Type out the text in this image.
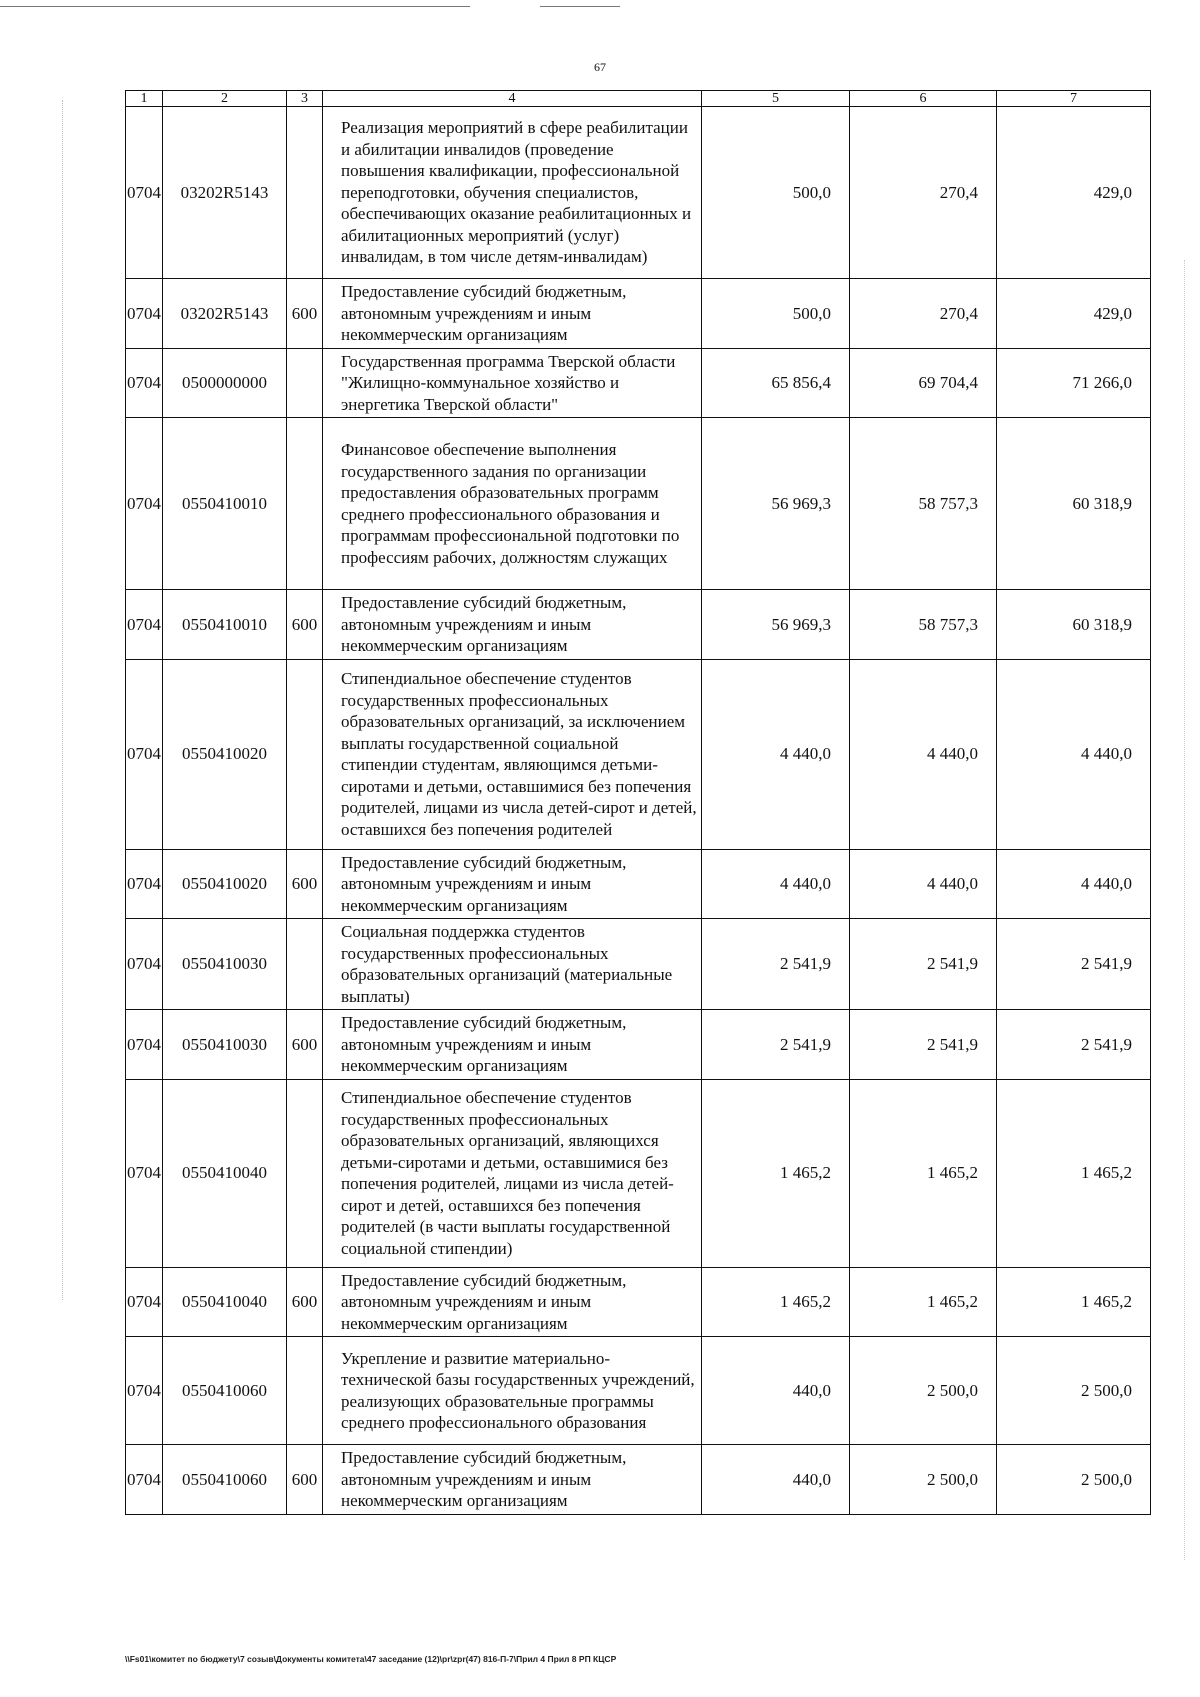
67
1	2	3	4	5	6	7
0704	03202R5143		Реализация мероприятий в сфере реабилитации и абилитации инвалидов (проведение повышения квалификации, профессиональной переподготовки, обучения специалистов, обеспечивающих оказание реабилитационных и абилитационных мероприятий (услуг) инвалидам, в том числе детям-инвалидам)	500,0	270,4	429,0
0704	03202R5143	600	Предоставление субсидий бюджетным, автономным учреждениям и иным некоммерческим организациям	500,0	270,4	429,0
0704	0500000000		Государственная программа Тверской области "Жилищно-коммунальное хозяйство и энергетика Тверской области"	65 856,4	69 704,4	71 266,0
0704	0550410010		Финансовое обеспечение выполнения государственного задания по организации предоставления образовательных программ среднего профессионального образования и программам профессиональной подготовки по профессиям рабочих, должностям служащих	56 969,3	58 757,3	60 318,9
0704	0550410010	600	Предоставление субсидий бюджетным, автономным учреждениям и иным некоммерческим организациям	56 969,3	58 757,3	60 318,9
0704	0550410020		Стипендиальное обеспечение студентов государственных профессиональных образовательных организаций, за исключением выплаты государственной социальной стипендии студентам, являющимся детьми-сиротами и детьми, оставшимися без попечения родителей, лицами из числа детей-сирот и детей, оставшихся без попечения родителей	4 440,0	4 440,0	4 440,0
0704	0550410020	600	Предоставление субсидий бюджетным, автономным учреждениям и иным некоммерческим организациям	4 440,0	4 440,0	4 440,0
0704	0550410030		Социальная поддержка студентов государственных профессиональных образовательных организаций (материальные выплаты)	2 541,9	2 541,9	2 541,9
0704	0550410030	600	Предоставление субсидий бюджетным, автономным учреждениям и иным некоммерческим организациям	2 541,9	2 541,9	2 541,9
0704	0550410040		Стипендиальное обеспечение студентов государственных профессиональных образовательных организаций, являющихся детьми-сиротами и детьми, оставшимися без попечения родителей, лицами из числа детей-сирот и детей, оставшихся без попечения родителей (в части выплаты государственной социальной стипендии)	1 465,2	1 465,2	1 465,2
0704	0550410040	600	Предоставление субсидий бюджетным, автономным учреждениям и иным некоммерческим организациям	1 465,2	1 465,2	1 465,2
0704	0550410060		Укрепление и развитие материально-технической базы государственных учреждений, реализующих образовательные программы среднего профессионального образования	440,0	2 500,0	2 500,0
0704	0550410060	600	Предоставление субсидий бюджетным, автономным учреждениям и иным некоммерческим организациям	440,0	2 500,0	2 500,0
\\Fs01\комитет по бюджету\7 созыв\Документы комитета\47 заседание (12)\pr\zpr(47) 816-П-7\Прил 4 Прил 8 РП КЦСР
